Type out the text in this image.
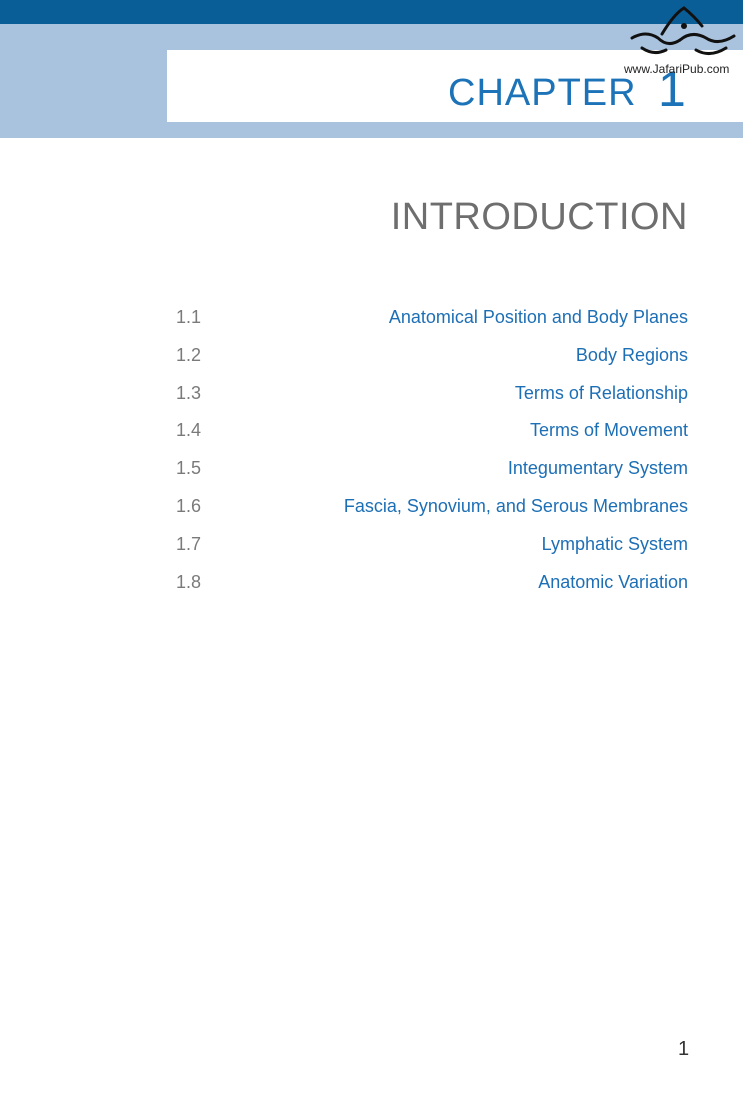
CHAPTER 1
www.JafariPub.com
INTRODUCTION
1.1	Anatomical Position and Body Planes
1.2	Body Regions
1.3	Terms of Relationship
1.4	Terms of Movement
1.5	Integumentary System
1.6	Fascia, Synovium, and Serous Membranes
1.7	Lymphatic System
1.8	Anatomic Variation
1
